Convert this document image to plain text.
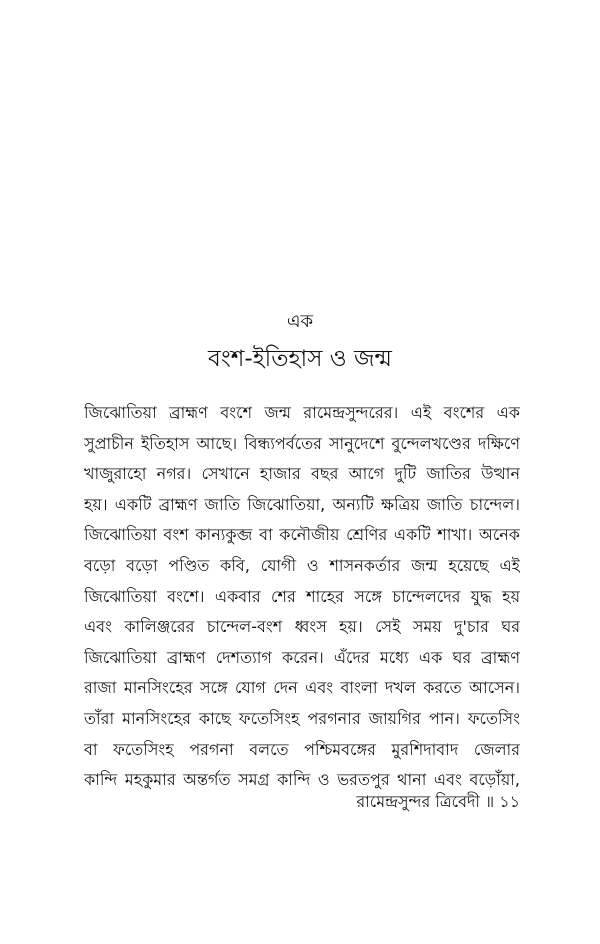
এক
বংশ-ইতিহাস ও জন্ম
জিঝোতিয়া ব্রাহ্মণ বংশে জন্ম রামেন্দ্রসুন্দরের। এই বংশের এক
সুপ্রাচীন ইতিহাস আছে। বিন্ধ্যপর্বতের সানুদেশে বুন্দেলখণ্ডের দক্ষিণে
খাজুরাহো নগর। সেখানে হাজার বছর আগে দুটি জাতির উত্থান
হয়। একটি ব্রাহ্মণ জাতি জিঝোতিয়া, অন্যটি ক্ষত্রিয় জাতি চান্দেল।
জিঝোতিয়া বংশ কান্যকুব্জ বা কনৌজীয় শ্রেণির একটি শাখা। অনেক
বড়ো বড়ো পণ্ডিত কবি, যোগী ও শাসনকর্তার জন্ম হয়েছে এই
জিঝোতিয়া বংশে। একবার শের শাহের সঙ্গে চান্দেলদের যুদ্ধ হয়
এবং কালিঞ্জরের চান্দেল-বংশ ধ্বংস হয়। সেই সময় দু'চার ঘর
জিঝোতিয়া ব্রাহ্মণ দেশত্যাগ করেন। এঁদের মধ্যে এক ঘর ব্রাহ্মণ
রাজা মানসিংহের সঙ্গে যোগ দেন এবং বাংলা দখল করতে আসেন।
তাঁরা মানসিংহের কাছে ফতেসিংহ পরগনার জায়গির পান। ফতেসিং
বা ফতেসিংহ পরগনা বলতে পশ্চিমবঙ্গের মুরশিদাবাদ জেলার
কান্দি মহকুমার অন্তর্গত সমগ্র কান্দি ও ভরতপুর থানা এবং বড়োঁয়া,
রামেন্দ্রসুন্দর ত্রিবেদী ॥ ১১
